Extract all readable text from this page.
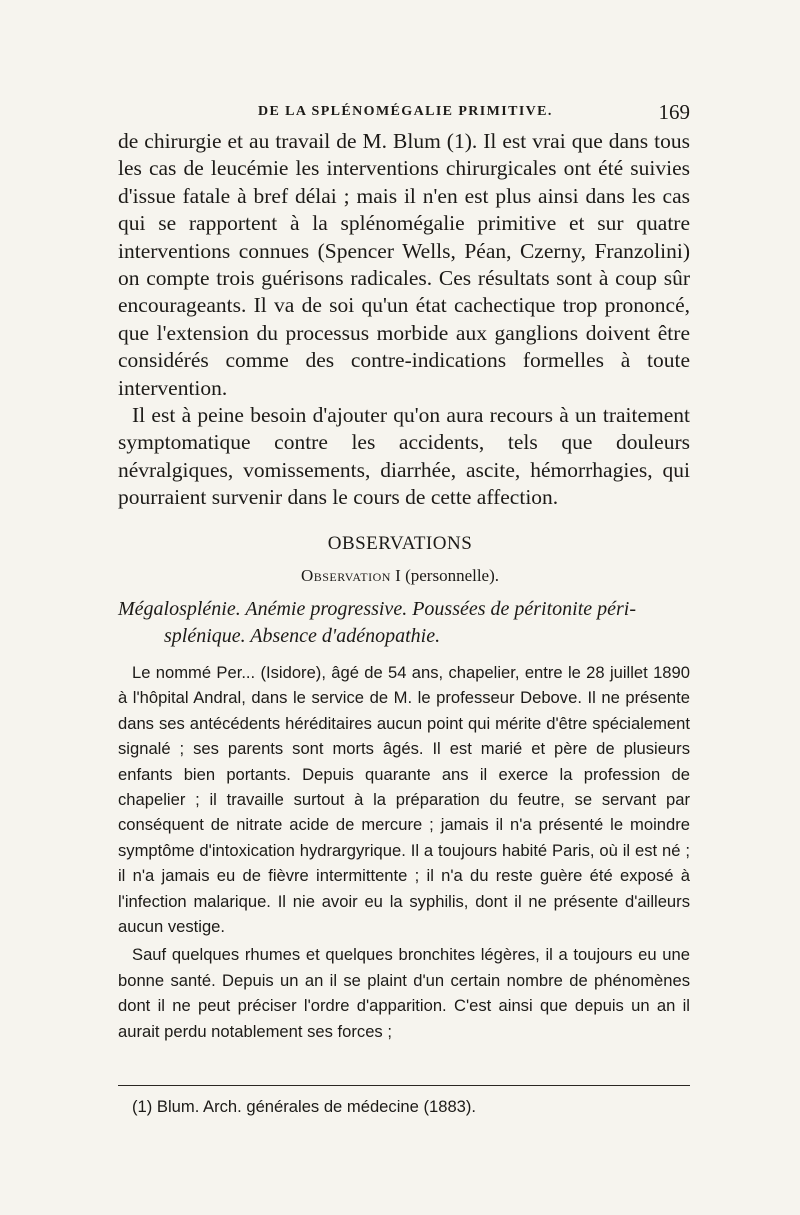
DE LA SPLÉNOMÉGALIE PRIMITIVE.	169

de chirurgie et au travail de M. Blum (1). Il est vrai que dans tous les cas de leucémie les interventions chirurgicales ont été suivies d'issue fatale à bref délai ; mais il n'en est plus ainsi dans les cas qui se rapportent à la splénomégalie primitive et sur quatre interventions connues (Spencer Wells, Péan, Czerny, Franzolini) on compte trois guérisons radicales. Ces résultats sont à coup sûr encourageants. Il va de soi qu'un état cachectique trop prononcé, que l'extension du processus morbide aux ganglions doivent être considérés comme des contre-indications formelles à toute intervention.

Il est à peine besoin d'ajouter qu'on aura recours à un traitement symptomatique contre les accidents, tels que douleurs névralgiques, vomissements, diarrhée, ascite, hémorrhagies, qui pourraient survenir dans le cours de cette affection.

OBSERVATIONS
Observation I (personnelle).
Mégalosplénie. Anémie progressive. Poussées de péritonite péri-
splénique. Absence d'adénopathie.

Le nommé Per... (Isidore), âgé de 54 ans, chapelier, entre le 28 juillet 1890 à l'hôpital Andral, dans le service de M. le professeur Debove. Il ne présente dans ses antécédents héréditaires aucun point qui mérite d'être spécialement signalé ; ses parents sont morts âgés. Il est marié et père de plusieurs enfants bien portants. Depuis quarante ans il exerce la profession de chapelier ; il travaille surtout à la préparation du feutre, se servant par conséquent de nitrate acide de mercure ; jamais il n'a présenté le moindre symptôme d'intoxication hydrargyrique. Il a toujours habité Paris, où il est né ; il n'a jamais eu de fièvre intermittente ; il n'a du reste guère été exposé à l'infection malarique. Il nie avoir eu la syphilis, dont il ne présente d'ailleurs aucun vestige.

Sauf quelques rhumes et quelques bronchites légères, il a toujours eu une bonne santé. Depuis un an il se plaint d'un certain nombre de phénomènes dont il ne peut préciser l'ordre d'apparition. C'est ainsi que depuis un an il aurait perdu notablement ses forces ;

(1) Blum. Arch. générales de médecine (1883).
